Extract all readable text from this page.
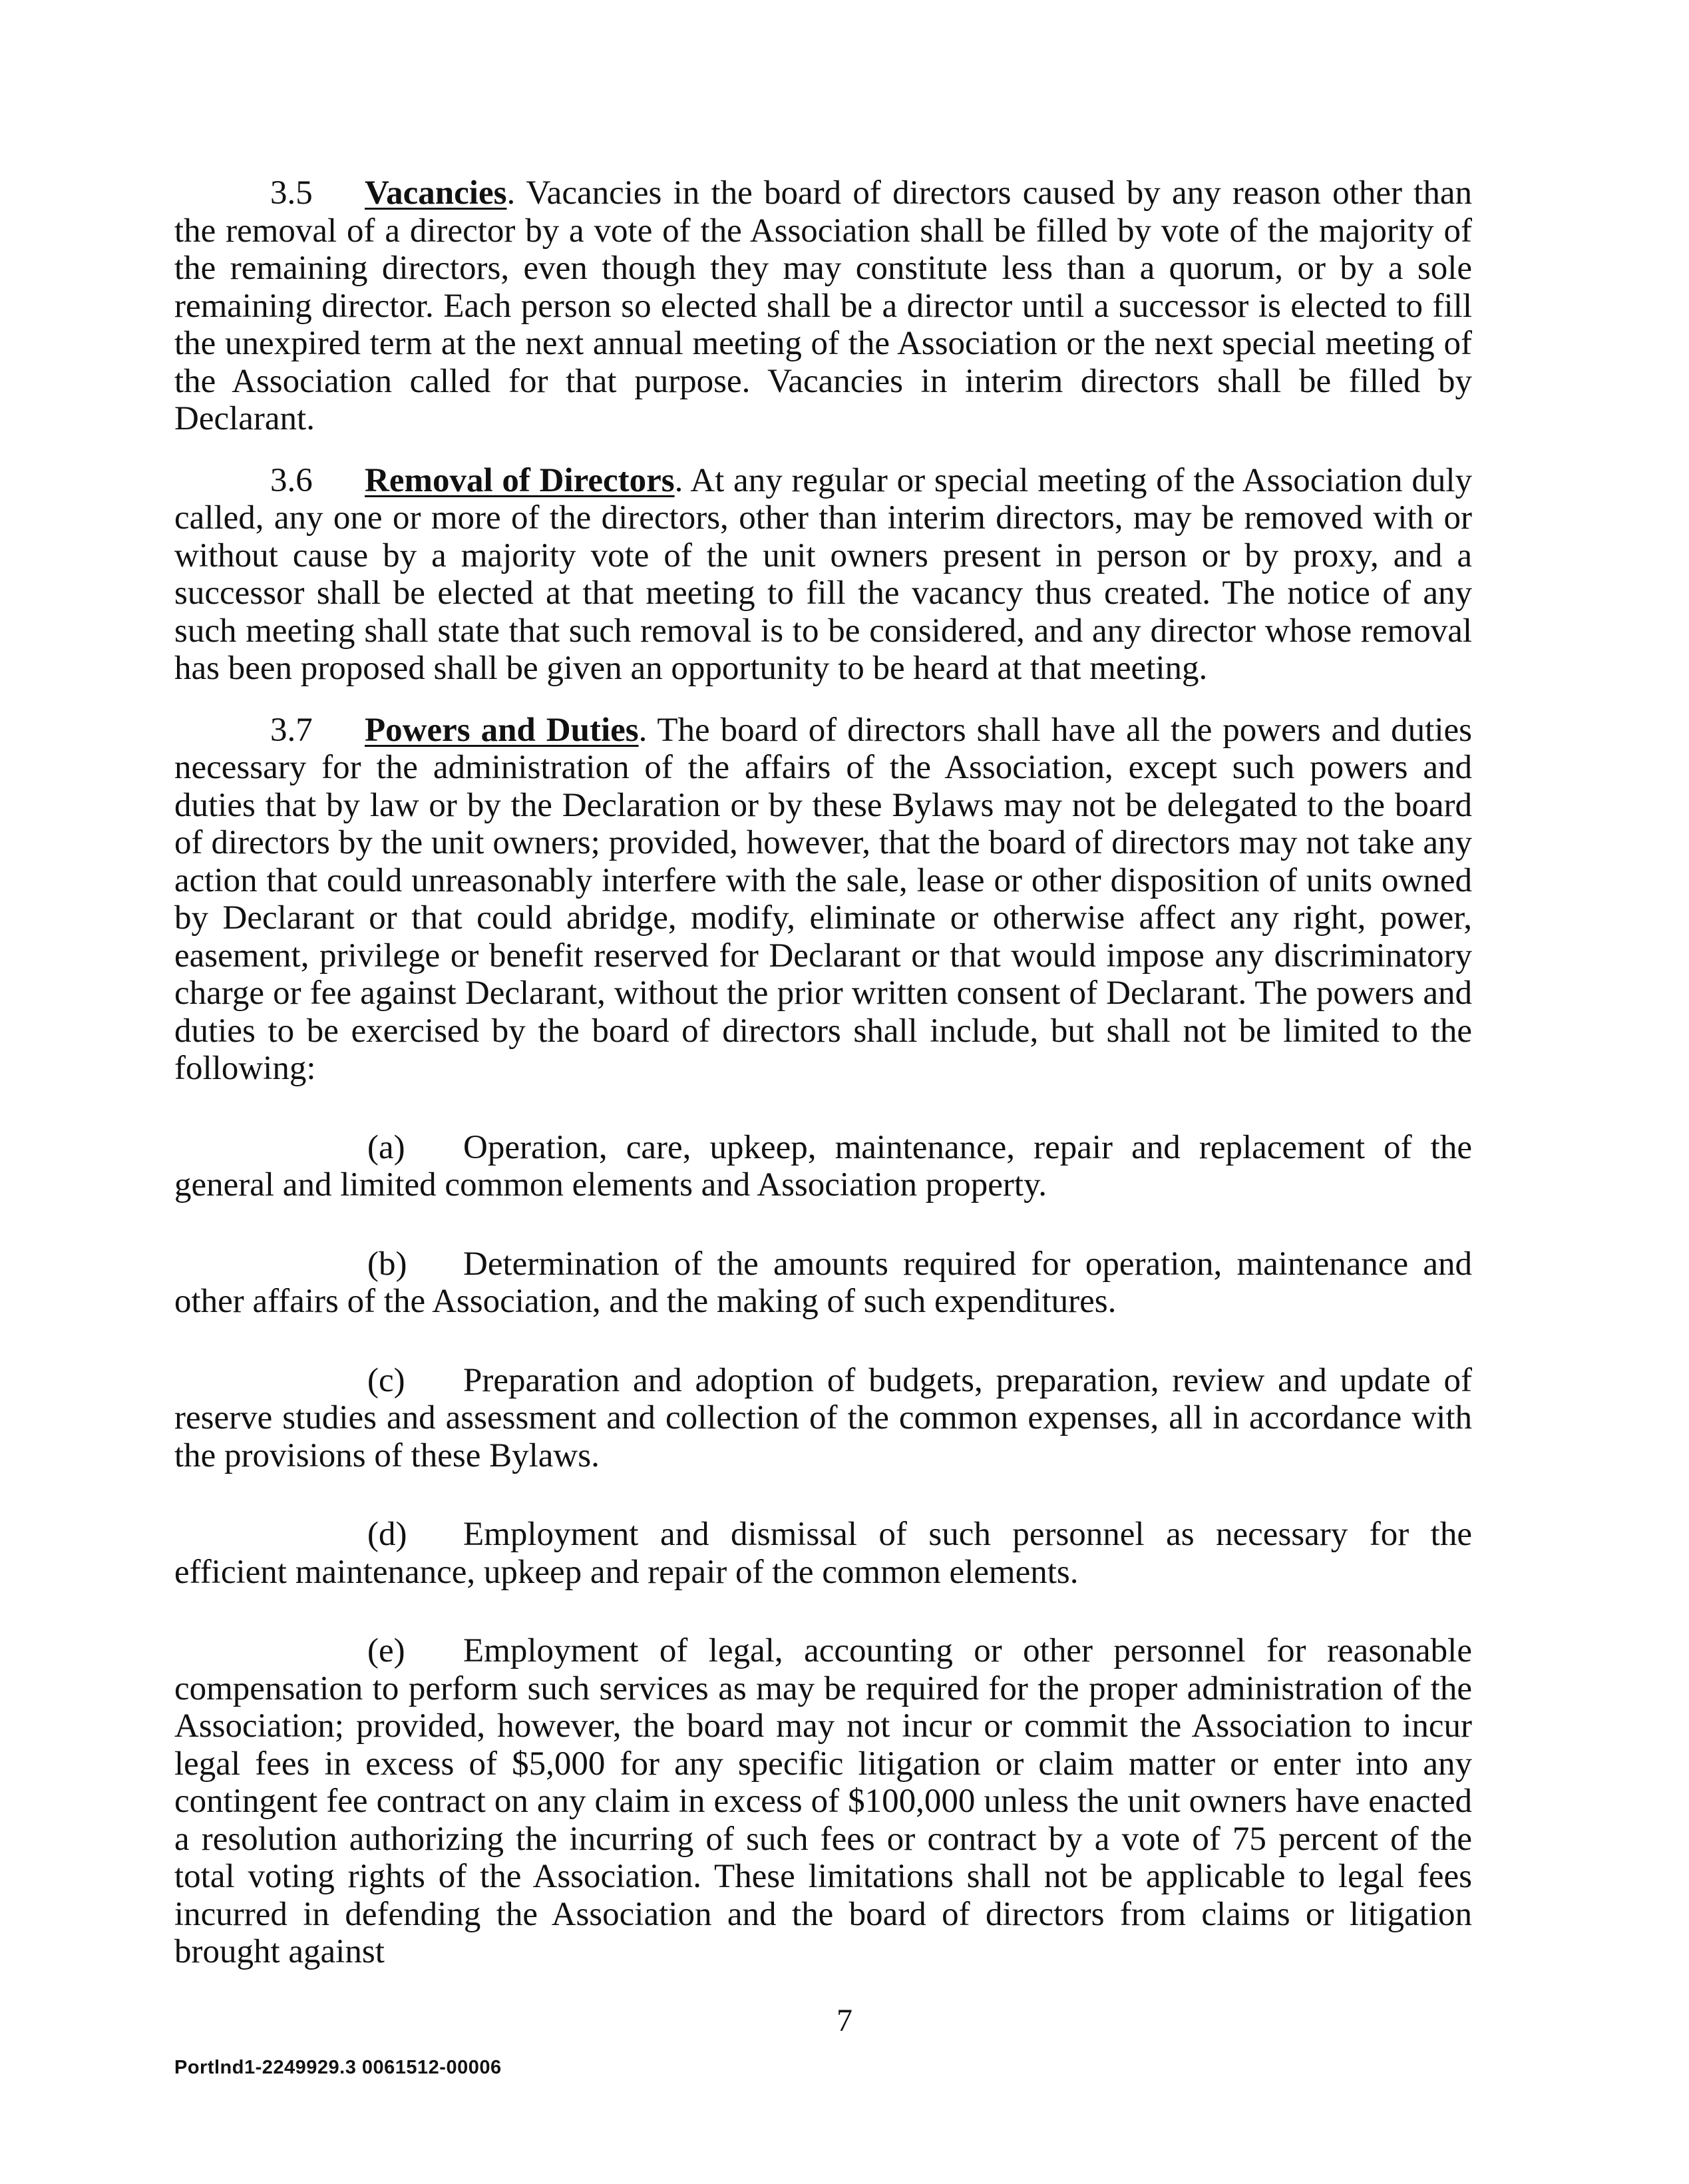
3.5 Vacancies. Vacancies in the board of directors caused by any reason other than the removal of a director by a vote of the Association shall be filled by vote of the majority of the remaining directors, even though they may constitute less than a quorum, or by a sole remaining director. Each person so elected shall be a director until a successor is elected to fill the unexpired term at the next annual meeting of the Association or the next special meeting of the Association called for that purpose. Vacancies in interim directors shall be filled by Declarant.

3.6 Removal of Directors. At any regular or special meeting of the Association duly called, any one or more of the directors, other than interim directors, may be removed with or without cause by a majority vote of the unit owners present in person or by proxy, and a successor shall be elected at that meeting to fill the vacancy thus created. The notice of any such meeting shall state that such removal is to be considered, and any director whose removal has been proposed shall be given an opportunity to be heard at that meeting.

3.7 Powers and Duties. The board of directors shall have all the powers and duties necessary for the administration of the affairs of the Association, except such powers and duties that by law or by the Declaration or by these Bylaws may not be delegated to the board of directors by the unit owners; provided, however, that the board of directors may not take any action that could unreasonably interfere with the sale, lease or other disposition of units owned by Declarant or that could abridge, modify, eliminate or otherwise affect any right, power, easement, privilege or benefit reserved for Declarant or that would impose any discriminatory charge or fee against Declarant, without the prior written consent of Declarant. The powers and duties to be exercised by the board of directors shall include, but shall not be limited to the following:

(a) Operation, care, upkeep, maintenance, repair and replacement of the general and limited common elements and Association property.

(b) Determination of the amounts required for operation, maintenance and other affairs of the Association, and the making of such expenditures.

(c) Preparation and adoption of budgets, preparation, review and update of reserve studies and assessment and collection of the common expenses, all in accordance with the provisions of these Bylaws.

(d) Employment and dismissal of such personnel as necessary for the efficient maintenance, upkeep and repair of the common elements.

(e) Employment of legal, accounting or other personnel for reasonable compensation to perform such services as may be required for the proper administration of the Association; provided, however, the board may not incur or commit the Association to incur legal fees in excess of $5,000 for any specific litigation or claim matter or enter into any contingent fee contract on any claim in excess of $100,000 unless the unit owners have enacted a resolution authorizing the incurring of such fees or contract by a vote of 75 percent of the total voting rights of the Association. These limitations shall not be applicable to legal fees incurred in defending the Association and the board of directors from claims or litigation brought against

7
Portlnd1-2249929.3 0061512-00006
